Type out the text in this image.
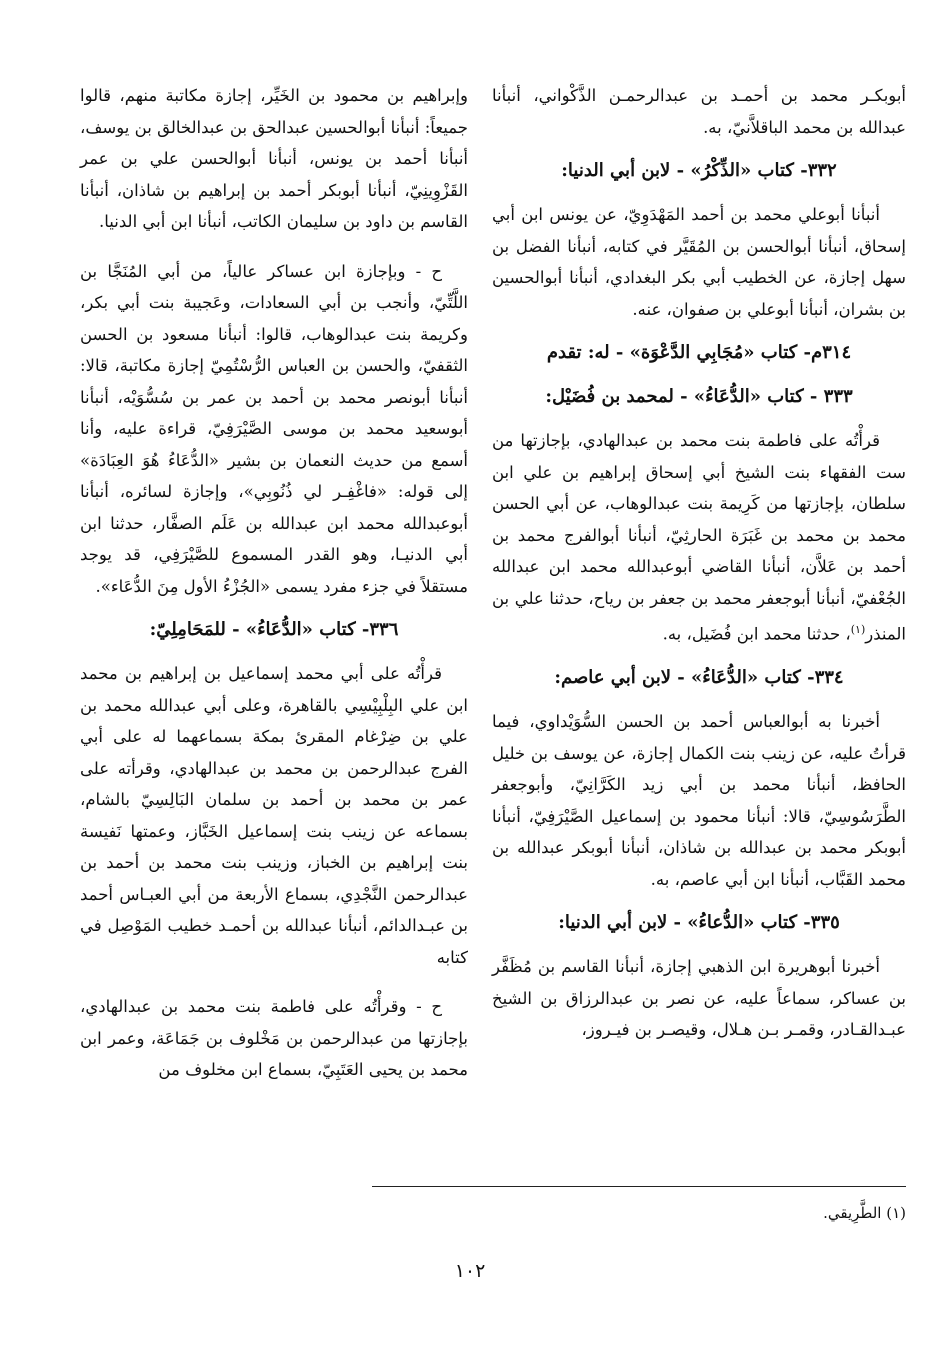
أبوبكـر محمد بن أحمـد بن عبدالرحمـن الذَّكْواني، أنبأنا عبدالله بن محمد الباقلاَّنيّ، به.

٣٣٢- كتاب «الذِّكْرُ» - لابن أبي الدنيا:

أنبأنا أبوعلي محمد بن أحمد المَهْدَوِيّ، عن يونس ابن أبي إسحاق، أنبأنا أبوالحسن بن المُقَيَّر في كتابه، أنبأنا الفضل بن سهل إجازة، عن الخطيب أبي بكر البغدادي، أنبأنا أبوالحسين بن بشران، أنبأنا أبوعلي بن صفوان، عنه.

٣١٤م- كتاب «مُجَابِي الدَّعْوَة» - له: تقدم
٣٣٣ - كتاب «الدُّعَاءُ» - لمحمد بن فُضَيْل:

قرأْتُه على فاطمة بنت محمد بن عبدالهادي، بإجازتها من ست الفقهاء بنت الشيخ أبي إسحاق إبراهيم بن علي ابن سلطان، بإجازتها من كَرِيمة بنت عبدالوهاب، عن أبي الحسن محمد بن محمد بن غَبَرَة الحارثِيّ، أنبأنا أبوالفرج محمد بن أحمد بن عَلاَّن، أنبأنا القاضي أبوعبدالله محمد ابن عبدالله الجُعْفيّ، أنبأنا أبوجعفر محمد بن جعفر بن رياح، حدثنا علي بن المنذر$^{(١)}$، حدثنا محمد ابن فُضَيل، به.

٣٣٤- كتاب «الدُّعَاءُ» - لابن أبي عاصم:

أخبرنا به أبوالعباس أحمد بن الحسن السُّوَيْداوي، فيما قرأتُ عليه، عن زينب بنت الكمال إجازة، عن يوسف بن خليل الحافظ، أنبأنا محمد بن أبي زيد الكَرَّانِيّ، وأبوجعفر الطَّرَسُوسِيّ، قالا: أنبأنا محمود بن إسماعيل الصَّيْرَفِيّ، أنبأنا أبوبكر محمد بن عبدالله بن شاذان، أنبأنا أبوبكر عبدالله بن محمد القَبَّاب، أنبأنا ابن أبي عاصم، به.

٣٣٥- كتاب «الدُّعاءُ» - لابن أبي الدنيا:

أخبرنا أبوهريرة ابن الذهبي إجازة، أنبأنا القاسم بن مُظَفَّر بن عساكر، سماعاً عليه، عن نصر بن عبدالرزاق بن الشيخ عبـدالقـادر، وقمـر بـن هـلال، وقيصـر بن فيـروز،

وإبراهيم بن محمود بن الخَيِّر، إجازة مكاتبة منهم، قالوا جميعاً: أنبأنا أبوالحسين عبدالحق بن عبدالخالق بن يوسف، أنبأنا أحمد بن يونس، أنبأنا أبوالحسن علي بن عمر القَزْوِينِيّ، أنبأنا أبوبكر أحمد بن إبراهيم بن شاذان، أنبأنا القاسم بن داود بن سليمان الكاتب، أنبأنا ابن أبي الدنيا.

ح - وبإجازة ابن عساكر عالياً، من أبي المُنَجَّا بن اللَّتِّيّ، وأنجب بن أبي السعادات، وعَجيبة بنت أبي بكر، وكريمة بنت عبدالوهاب، قالوا: أنبأنا مسعود بن الحسن الثقفيّ، والحسن بن العباس الرُّسْتُمِيّ إجازة مكاتبة، قالا: أنبأنا أبونصر محمد بن أحمد بن عمر بن سُسُّوَيْه، أنبأنا أبوسعيد محمد بن موسى الصَّيْرَفِيّ، قراءة عليه، وأنا أسمع من حديث النعمان بن بشير «الدُّعَاءُ هُوَ العِبَادَة» إلى قوله: «فاغْفِـر لي ذُنُوبِي»، وإجازة لسائره، أنبأنا أبوعبدالله محمد ابن عبدالله بن عَلَم الصفَّار، حدثنا ابن أبي الدنيـا، وهو القدر المسموع للصَّيْرَفِي، قد يوجد مستقلاً في جزء مفرد يسمى «الجُزْءُ الأول مِنَ الدُّعَاء».

٣٣٦- كتاب «الدُّعَاءُ» - للمَحَامِلِيّ:

قرأْتُه على أبي محمد إسماعيل بن إبراهيم بن محمد ابن علي البِلْبِيْسِي بالقاهرة، وعلى أبي عبدالله محمد بن علي بن ضِرْغام المقرئ بمكة بسماعهما له على أبي الفرج عبدالرحمن بن محمد بن عبدالهادي، وقرأته على عمر بن محمد بن أحمد بن سلمان البَالِسِيّ بالشام، بسماعه عن زينب بنت إسماعيل الخَبَّاز، وعمتها نَفيسة بنت إبراهيم بن الخباز، وزينب بنت محمد بن أحمد بن عبدالرحمن النَّجْدِي، بسماع الأربعة من أبي العبـاس أحمد بن عبـدالدائم، أنبأنا عبدالله بن أحمـد خطيب المَوْصِل في كتابه

ح - وقرأْتُه على فاطمة بنت محمد بن عبدالهادي، بإجازتها من عبدالرحمن بن مَخْلوف بن جَمَاعَة، وعمر ابن محمد بن يحيى العَتَبِيّ، بسماع ابن مخلوف من

(١) الطَّرِيقي.
١٠٢
